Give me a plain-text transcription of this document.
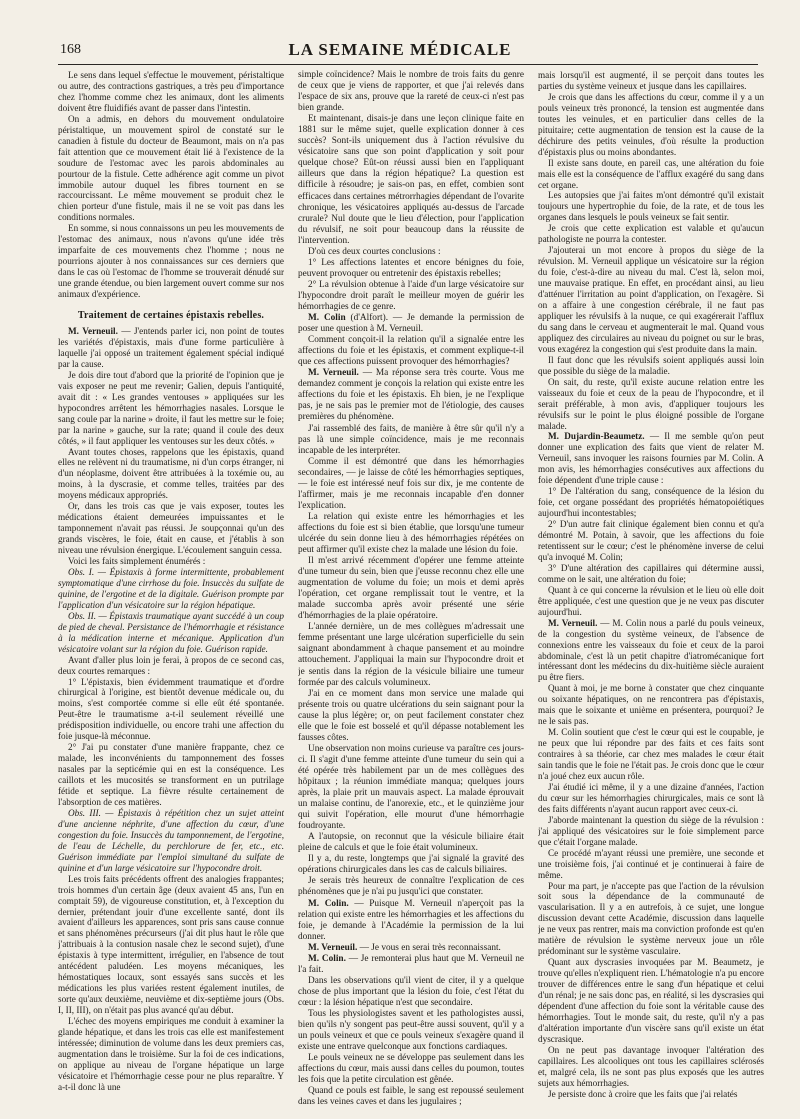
168	LA SEMAINE MÉDICALE

Le sens dans lequel s'effectue le mouvement, péristaltique ou autre, des contractions gastriques, a très peu d'importance chez l'homme comme chez les animaux, dont les aliments doivent être fluidifiés avant de passer dans l'intestin.

On a admis, en dehors du mouvement ondulatoire péristaltique, un mouvement spirol de constaté sur le canadien à fistule du docteur de Beaumont, mais on n'a pas fait attention que ce mouvement était lié à l'existence de la soudure de l'estomac avec les parois abdominales au pourtour de la fistule. Cette adhérence agit comme un pivot immobile autour duquel les fibres tournent en se raccourcissant. Le même mouvement se produit chez le chien porteur d'une fistule, mais il ne se voit pas dans les conditions normales.

En somme, si nous connaissons un peu les mouvements de l'estomac des animaux, nous n'avons qu'une idée très imparfaite de ces mouvements chez l'homme ; nous ne pourrions ajouter à nos connaissances sur ces derniers que dans le cas où l'estomac de l'homme se trouverait dénudé sur une grande étendue, ou bien largement ouvert comme sur nos animaux d'expérience.

Traitement de certaines épistaxis rebelles.

M. Verneuil. — J'entends parler ici, non point de toutes les variétés d'épistaxis, mais d'une forme particulière à laquelle j'ai opposé un traitement également spécial indiqué par la cause.

Je dois dire tout d'abord que la priorité de l'opinion que je vais exposer ne peut me revenir; Galien, depuis l'antiquité, avait dit : « Les grandes ventouses » appliquées sur les hypocondres arrêtent les hémorrhagies nasales. Lorsque le sang coule par la narine » droite, il faut les mettre sur le foie; par la narine » gauche, sur la rate; quand il coule des deux côtés, » il faut appliquer les ventouses sur les deux côtés. »

Avant toutes choses, rappelons que les épistaxis, quand elles ne relèvent ni du traumatisme, ni d'un corps étranger, ni d'un néoplasme, doivent être attribuées à la toxémie ou, au moins, à la dyscrasie, et comme telles, traitées par des moyens médicaux appropriés.

Or, dans les trois cas que je vais exposer, toutes les médications étaient demeurées impuissantes et le tamponnement n'avait pas réussi. Je soupçonnai qu'un des grands viscères, le foie, était en cause, et j'établis à son niveau une révulsion énergique. L'écoulement sanguin cessa.

Voici les faits simplement énumérés :

Obs. I. — Épistaxis à forme intermittente, probablement symptomatique d'une cirrhose du foie. Insuccès du sulfate de quinine, de l'ergotine et de la digitale. Guérison prompte par l'application d'un vésicatoire sur la région hépatique.

Obs. II. — Épistaxis traumatique ayant succédé à un coup de pied de cheval. Persistance de l'hémorrhagie et résistance à la médication interne et mécanique. Application d'un vésicatoire volant sur la région du foie. Guérison rapide.

Avant d'aller plus loin je ferai, à propos de ce second cas, deux courtes remarques :

1° L'épistaxis, bien évidemment traumatique et d'ordre chirurgical à l'origine, est bientôt devenue médicale ou, du moins, s'est comportée comme si elle eût été spontanée. Peut-être le traumatisme a-t-il seulement réveillé une prédisposition individuelle, ou encore trahi une affection du foie jusque-là méconnue.

2° J'ai pu constater d'une manière frappante, chez ce malade, les inconvénients du tamponnement des fosses nasales par la septicémie qui en est la conséquence. Les caillots et les mucosités se transforment en un putrilage fétide et septique. La fièvre résulte certainement de l'absorption de ces matières.

Obs. III. — Épistaxis à répétition chez un sujet atteint d'une ancienne néphrite, d'une affection du cœur, d'une congestion du foie. Insuccès du tamponnement, de l'ergotine, de l'eau de Léchelle, du perchlorure de fer, etc., etc. Guérison immédiate par l'emploi simultané du sulfate de quinine et d'un large vésicatoire sur l'hypocondre droit.

Les trois faits précédents offrent des analogies frappantes; trois hommes d'un certain âge (deux avaient 45 ans, l'un en comptait 59), de vigoureuse constitution, et, à l'exception du dernier, prétendant jouir d'une excellente santé, dont ils avaient d'ailleurs les apparences, sont pris sans cause connue et sans phénomènes précurseurs (j'ai dit plus haut le rôle que j'attribuais à la contusion nasale chez le second sujet), d'une épistaxis à type intermittent, irrégulier, en l'absence de tout antécédent paludéen. Les moyens mécaniques, les hémostatiques locaux, sont essayés sans succès et les médications les plus variées restent également inutiles, de sorte qu'aux deuxième, neuvième et dix-septième jours (Obs. I, II, III), on n'était pas plus avancé qu'au début.

L'échec des moyens empiriques me conduit à examiner la glande hépatique, et dans les trois cas elle est manifestement intéressée; diminution de volume dans les deux premiers cas, augmentation dans le troisième. Sur la foi de ces indications, on applique au niveau de l'organe hépatique un large vésicatoire et l'hémorrhagie cesse pour ne plus reparaître. Y a-t-il donc là une

simple coïncidence? Mais le nombre de trois faits du genre de ceux que je viens de rapporter, et que j'ai relevés dans l'espace de six ans, prouve que la rareté de ceux-ci n'est pas bien grande.

Et maintenant, disais-je dans une leçon clinique faite en 1881 sur le même sujet, quelle explication donner à ces succès? Sont-ils uniquement dus à l'action révulsive du vésicatoire sans que son point d'application y soit pour quelque chose? Eût-on réussi aussi bien en l'appliquant ailleurs que dans la région hépatique? La question est difficile à résoudre; je sais-on pas, en effet, combien sont efficaces dans certaines métrorrhagies dépendant de l'ovarite chronique, les vésicatoires appliqués au-dessus de l'arcade crurale? Nul doute que le lieu d'élection, pour l'application du révulsif, ne soit pour beaucoup dans la réussite de l'intervention.

D'où ces deux courtes conclusions :

1° Les affections latentes et encore bénignes du foie, peuvent provoquer ou entretenir des épistaxis rebelles;

2° La révulsion obtenue à l'aide d'un large vésicatoire sur l'hypocondre droit paraît le meilleur moyen de guérir les hémorrhagies de ce genre.

M. Colin (d'Alfort). — Je demande la permission de poser une question à M. Verneuil.

Comment conçoit-il la relation qu'il a signalée entre les affections du foie et les épistaxis, et comment explique-t-il que ces affections puissent provoquer des hémorrhagies?

M. Verneuil. — Ma réponse sera très courte. Vous me demandez comment je conçois la relation qui existe entre les affections du foie et les épistaxis. Eh bien, je ne l'explique pas, je ne sais pas le premier mot de l'étiologie, des causes premières du phénomène.

J'ai rassemblé des faits, de manière à être sûr qu'il n'y a pas là une simple coïncidence, mais je me reconnais incapable de les interpréter.

Comme il est démontré que dans les hémorrhagies secondaires, — je laisse de côté les hémorrhagies septiques, — le foie est intéressé neuf fois sur dix, je me contente de l'affirmer, mais je me reconnais incapable d'en donner l'explication.

La relation qui existe entre les hémorrhagies et les affections du foie est si bien établie, que lorsqu'une tumeur ulcérée du sein donne lieu à des hémorrhagies répétées on peut affirmer qu'il existe chez la malade une lésion du foie.

Il m'est arrivé récemment d'opérer une femme atteinte d'une tumeur du sein, bien que j'eusse reconnu chez elle une augmentation de volume du foie; un mois et demi après l'opération, cet organe remplissait tout le ventre, et la malade succomba après avoir présenté une série d'hémorrhagies de la plaie opératoire.

L'année dernière, un de mes collègues m'adressait une femme présentant une large ulcération superficielle du sein saignant abondamment à chaque pansement et au moindre attouchement. J'appliquai la main sur l'hypocondre droit et je sentis dans la région de la vésicule biliaire une tumeur formée par des calculs volumineux.

J'ai en ce moment dans mon service une malade qui présente trois ou quatre ulcérations du sein saignant pour la cause la plus légère; or, on peut facilement constater chez elle que le foie est bosselé et qu'il dépasse notablement les fausses côtes.

Une observation non moins curieuse va paraître ces jours-ci. Il s'agit d'une femme atteinte d'une tumeur du sein qui a été opérée très habilement par un de mes collègues des hôpitaux ; la réunion immédiate manqua; quelques jours après, la plaie prit un mauvais aspect. La malade éprouvait un malaise continu, de l'anorexie, etc., et le quinzième jour qui suivit l'opération, elle mourut d'une hémorrhagie foudroyante.

A l'autopsie, on reconnut que la vésicule biliaire était pleine de calculs et que le foie était volumineux.

Il y a, du reste, longtemps que j'ai signalé la gravité des opérations chirurgicales dans les cas de calculs biliaires.

Je serais très heureux de connaître l'explication de ces phénomènes que je n'ai pu jusqu'ici que constater.

M. Colin. — Puisque M. Verneuil n'aperçoit pas la relation qui existe entre les hémorrhagies et les affections du foie, je demande à l'Académie la permission de la lui donner.

M. Verneuil. — Je vous en serai très reconnaissant.

M. Colin. — Je remonterai plus haut que M. Verneuil ne l'a fait.

Dans les observations qu'il vient de citer, il y a quelque chose de plus important que la lésion du foie, c'est l'état du cœur : la lésion hépatique n'est que secondaire.

Tous les physiologistes savent et les pathologistes aussi, bien qu'ils n'y songent pas peut-être aussi souvent, qu'il y a un pouls veineux et que ce pouls veineux s'exagère quand il existe une entrave quelconque aux fonctions cardiaques.

Le pouls veineux ne se développe pas seulement dans les affections du cœur, mais aussi dans celles du poumon, toutes les fois que la petite circulation est gênée.

Quand ce pouls est faible, le sang est repoussé seulement dans les veines caves et dans les jugulaires ;

mais lorsqu'il est augmenté, il se perçoit dans toutes les parties du système veineux et jusque dans les capillaires.

Je crois que dans les affections du cœur, comme il y a un pouls veineux très prononcé, la tension est augmentée dans toutes les veinules, et en particulier dans celles de la pituitaire; cette augmentation de tension est la cause de la déchirure des petits veinules, d'où résulte la production d'épistaxis plus ou moins abondantes.

Il existe sans doute, en pareil cas, une altération du foie mais elle est la conséquence de l'afflux exagéré du sang dans cet organe.

Les autopsies que j'ai faites m'ont démontré qu'il existait toujours une hypertrophie du foie, de la rate, et de tous les organes dans lesquels le pouls veineux se fait sentir.

Je crois que cette explication est valable et qu'aucun pathologiste ne pourra la contester.

J'ajouterai un mot encore à propos du siège de la révulsion. M. Verneuil applique un vésicatoire sur la région du foie, c'est-à-dire au niveau du mal. C'est là, selon moi, une mauvaise pratique. En effet, en procédant ainsi, au lieu d'atténuer l'irritation au point d'application, on l'exagère. Si on a affaire à une congestion cérébrale, il ne faut pas appliquer les révulsifs à la nuque, ce qui exagérerait l'afflux du sang dans le cerveau et augmenterait le mal. Quand vous appliquez des circulaires au niveau du poignet ou sur le bras, vous exagérez la congestion qui s'est produite dans la main.

Il faut donc que les révulsifs soient appliqués aussi loin que possible du siège de la maladie.

On sait, du reste, qu'il existe aucune relation entre les vaisseaux du foie et ceux de la peau de l'hypocondre, et il serait préférable, à mon avis, d'appliquer toujours les révulsifs sur le point le plus éloigné possible de l'organe malade.

M. Dujardin-Beaumetz. — Il me semble qu'on peut donner une explication des faits que vient de relater M. Verneuil, sans invoquer les raisons fournies par M. Colin. A mon avis, les hémorrhagies consécutives aux affections du foie dépendent d'une triple cause :

1° De l'altération du sang, conséquence de la lésion du foie, cet organe possédant des propriétés hématopoiétiques aujourd'hui incontestables;

2° D'un autre fait clinique également bien connu et qu'a démontré M. Potain, à savoir, que les affections du foie retentissent sur le cœur; c'est le phénomène inverse de celui qu'a invoqué M. Colin;

3° D'une altération des capillaires qui détermine aussi, comme on le sait, une altération du foie;

Quant à ce qui concerne la révulsion et le lieu où elle doit être appliquée, c'est une question que je ne veux pas discuter aujourd'hui.

M. Verneuil. — M. Colin nous a parlé du pouls veineux, de la congestion du système veineux, de l'absence de connexions entre les vaisseaux du foie et ceux de la paroi abdominale, c'est là un petit chapitre d'iatromécanique fort intéressant dont les médecins du dix-huitième siècle auraient pu être fiers.

Quant à moi, je me borne à constater que chez cinquante ou soixante hépatiques, on ne rencontrera pas d'épistaxis, mais que le soixante et unième en présentera, pourquoi? Je ne le sais pas.

M. Colin soutient que c'est le cœur qui est le coupable, je ne peux que lui répondre par des faits et ces faits sont contraires à sa théorie, car chez mes malades le cœur était sain tandis que le foie ne l'était pas. Je crois donc que le cœur n'a joué chez eux aucun rôle.

J'ai étudié ici même, il y a une dizaine d'années, l'action du cœur sur les hémorrhagies chirurgicales, mais ce sont là des faits différents n'ayant aucun rapport avec ceux-ci.

J'aborde maintenant la question du siège de la révulsion : j'ai appliqué des vésicatoires sur le foie simplement parce que c'était l'organe malade.

Ce procédé m'ayant réussi une première, une seconde et une troisième fois, j'ai continué et je continuerai à faire de même.

Pour ma part, je n'accepte pas que l'action de la révulsion soit sous la dépendance de la communauté de vascularisation. Il y a en autrefois, à ce sujet, une longue discussion devant cette Académie, discussion dans laquelle je ne veux pas rentrer, mais ma conviction profonde est qu'en matière de révulsion le système nerveux joue un rôle prédominant sur le système vasculaire.

Quant aux dyscrasies invoquées par M. Beaumetz, je trouve qu'elles n'expliquent rien. L'hématologie n'a pu encore trouver de différences entre le sang d'un hépatique et celui d'un rénal; je ne sais donc pas, en réalité, si les dyscrasies qui dépendent d'une affection du foie sont la véritable cause des hémorrhagies. Tout le monde sait, du reste, qu'il n'y a pas d'altération importante d'un viscère sans qu'il existe un état dyscrasique.

On ne peut pas davantage invoquer l'altération des capillaires. Les alcooliques ont tous les capillaires sclérosés et, malgré cela, ils ne sont pas plus exposés que les autres sujets aux hémorrhagies.

Je persiste donc à croire que les faits que j'ai relatés
